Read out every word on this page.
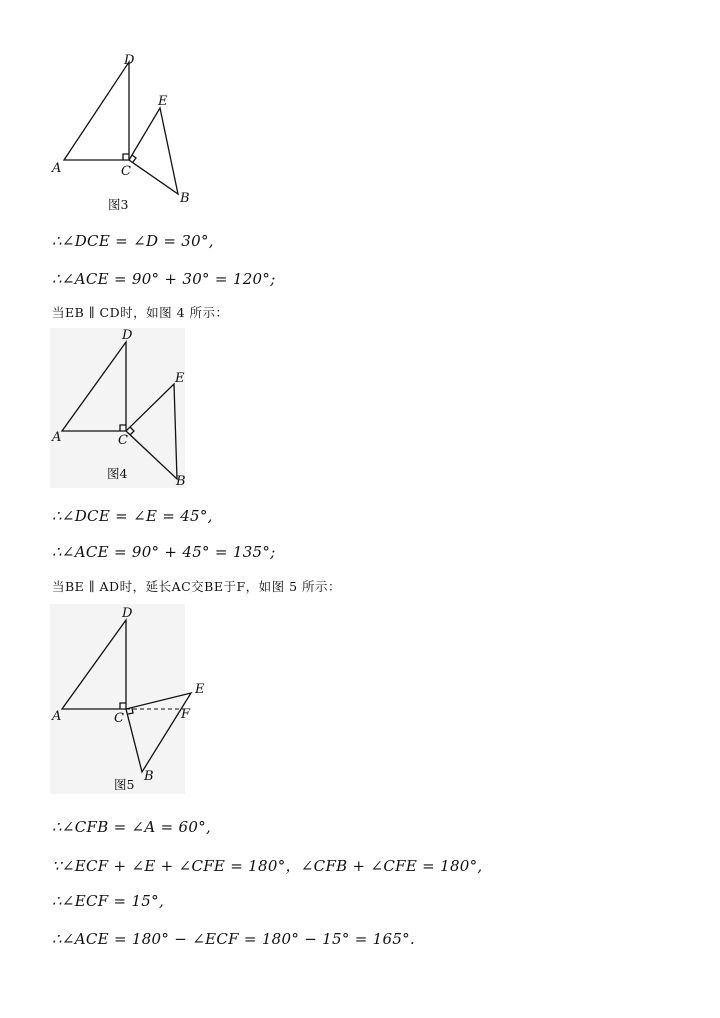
D
E
A	C
B
图3
∴∠DCE = ∠D = 30°,
∴∠ACE = 90° + 30° = 120°;
当EB ∥ CD时，如图 4 所示：
D
E
A	C
B
图4
∴∠DCE = ∠E = 45°,
∴∠ACE = 90° + 45° = 135°;
当BE ∥ AD时，延长AC交BE于F，如图 5 所示：
D
E
F
A	C
B
图5
∴∠CFB = ∠A = 60°,
∵∠ECF + ∠E + ∠CFE = 180°，∠CFB + ∠CFE = 180°,
∴∠ECF = 15°,
∴∠ACE = 180° − ∠ECF = 180° − 15° = 165°.
